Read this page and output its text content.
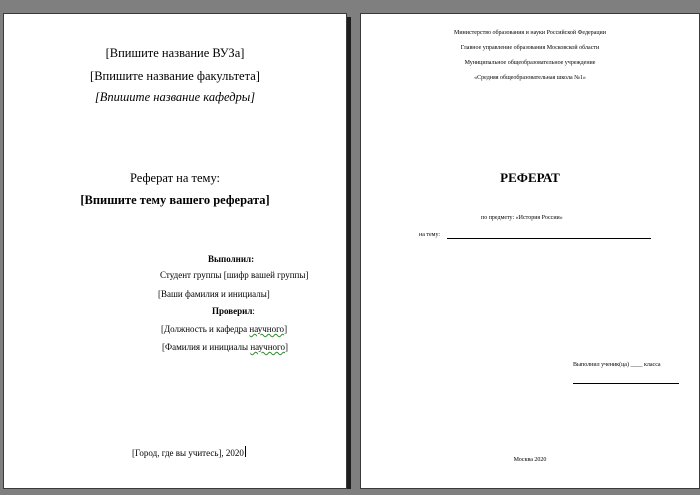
[Впишите название ВУЗа]
[Впишите название факультета]
[Впишите название кафедры]
Реферат на тему:
[Впишите тему вашего реферата]
Выполнил:
Студент группы [шифр вашей группы]
[Ваши фамилия и инициалы]
Проверил:
[Должность и кафедра научного]
[Фамилия и инициалы научного]
[Город, где вы учитесь], 2020
Министерство образования и науки Российской Федерации
Главное управление образования Московской области
Муниципальное общеобразовательное учреждение
«Средняя общеобразовательная школа №1»
РЕФЕРАТ
по предмету: «История России»
на тему:
Выполнил ученик(ца) ____ класса
Москва 2020
